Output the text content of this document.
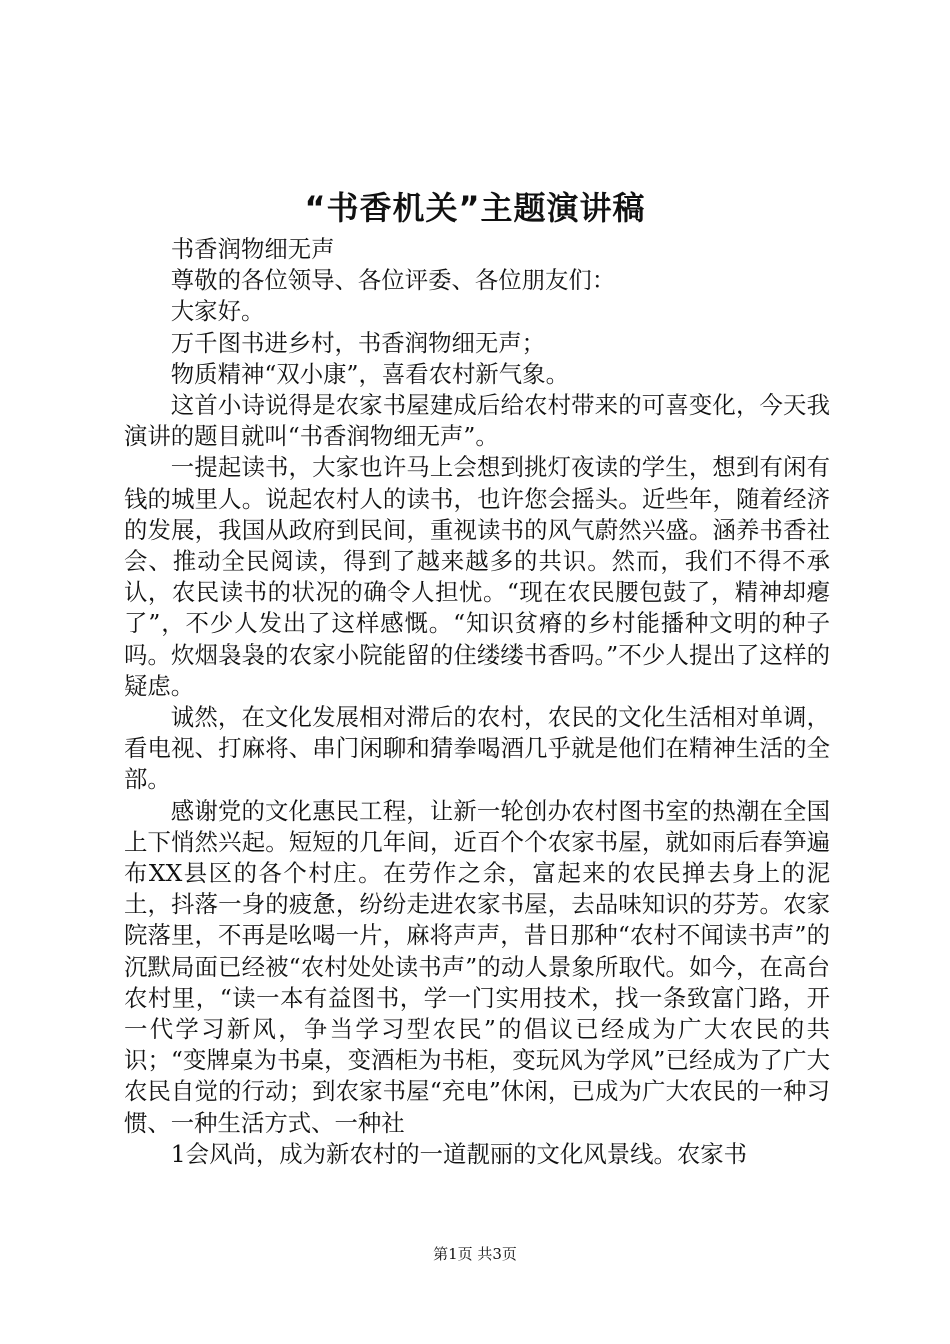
“书香机关”主题演讲稿

书香润物细无声

尊敬的各位领导、各位评委、各位朋友们：

大家好。

万千图书进乡村，书香润物细无声；

物质精神“双小康”，喜看农村新气象。

这首小诗说得是农家书屋建成后给农村带来的可喜变化，今天我演讲的题目就叫“书香润物细无声”。

一提起读书，大家也许马上会想到挑灯夜读的学生，想到有闲有钱的城里人。说起农村人的读书，也许您会摇头。近些年，随着经济的发展，我国从政府到民间，重视读书的风气蔚然兴盛。涵养书香社会、推动全民阅读，得到了越来越多的共识。然而，我们不得不承认，农民读书的状况的确令人担忧。“现在农民腰包鼓了，精神却瘪了”，不少人发出了这样感慨。“知识贫瘠的乡村能播种文明的种子吗。炊烟袅袅的农家小院能留的住缕缕书香吗。”不少人提出了这样的疑虑。

诚然，在文化发展相对滞后的农村，农民的文化生活相对单调，看电视、打麻将、串门闲聊和猜拳喝酒几乎就是他们在精神生活的全部。

感谢党的文化惠民工程，让新一轮创办农村图书室的热潮在全国上下悄然兴起。短短的几年间，近百个个农家书屋，就如雨后春笋遍布XX县区的各个村庄。在劳作之余，富起来的农民掸去身上的泥土，抖落一身的疲惫，纷纷走进农家书屋，去品味知识的芬芳。农家院落里，不再是吆喝一片，麻将声声，昔日那种“农村不闻读书声”的沉默局面已经被“农村处处读书声”的动人景象所取代。如今，在高台农村里，“读一本有益图书，学一门实用技术，找一条致富门路，开一代学习新风，争当学习型农民”的倡议已经成为广大农民的共识；“变牌桌为书桌，变酒柜为书柜，变玩风为学风”已经成为了广大农民自觉的行动；到农家书屋“充电”休闲，已成为广大农民的一种习惯、一种生活方式、一种社

1会风尚，成为新农村的一道靓丽的文化风景线。农家书

第1页 共3页
